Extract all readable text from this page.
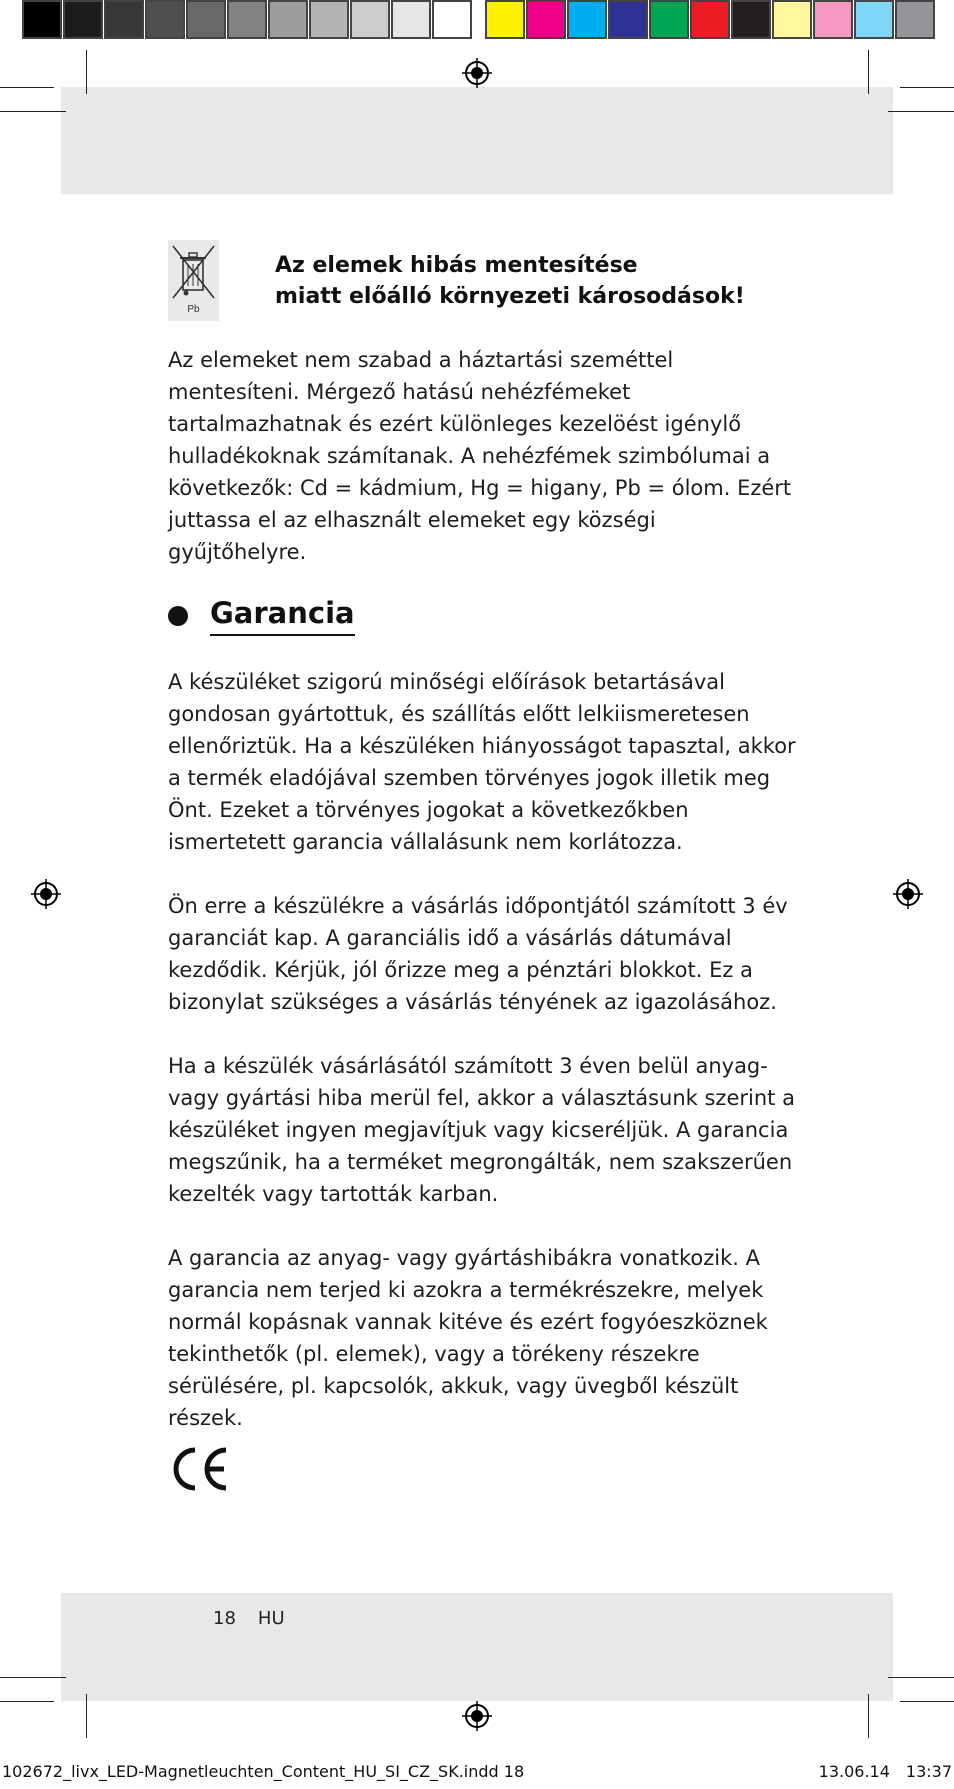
Pb
Az elemek hibás mentesítése
miatt előálló környezeti károsodások!

Az elemeket nem szabad a háztartási szeméttel mentesíteni. Mérgező hatású nehézfémeket tartalmazhatnak és ezért különleges kezelöést igénylő hulladékoknak számítanak. A nehézfémek szimbólumai a következők: Cd = kádmium, Hg = higany, Pb = ólom. Ezért juttassa el az elhasznált elemeket egy községi gyűjtőhelyre.

Garancia

A készüléket szigorú minőségi előírások betartásával gondosan gyártottuk, és szállítás előtt lelkiismeretesen ellenőriztük. Ha a készüléken hiányosságot tapasztal, akkor a termék eladójával szemben törvényes jogok illetik meg Önt. Ezeket a törvényes jogokat a következőkben ismertetett garancia vállalásunk nem korlátozza.

Ön erre a készülékre a vásárlás időpontjától számított 3 év garanciát kap. A garanciális idő a vásárlás dátumával kezdődik. Kérjük, jól őrizze meg a pénztári blokkot. Ez a bizonylat szükséges a vásárlás tényének az igazolásához.

Ha a készülék vásárlásától számított 3 éven belül anyag- vagy gyártási hiba merül fel, akkor a választásunk szerint a készüléket ingyen megjavítjuk vagy kicseréljük. A garancia megszűnik, ha a terméket megrongálták, nem szakszerűen kezelték vagy tartották karban.

A garancia az anyag- vagy gyártáshibákra vonatkozik. A garancia nem terjed ki azokra a termékrészekre, melyek normál kopásnak vannak kitéve és ezért fogyóeszköznek tekinthetők (pl. elemek), vagy a törékeny részekre sérülésére, pl. kapcsolók, akkuk, vagy üvegből készült részek.

18 HU
102672_livx_LED-Magnetleuchten_Content_HU_SI_CZ_SK.indd 18	13.06.14 13:37
